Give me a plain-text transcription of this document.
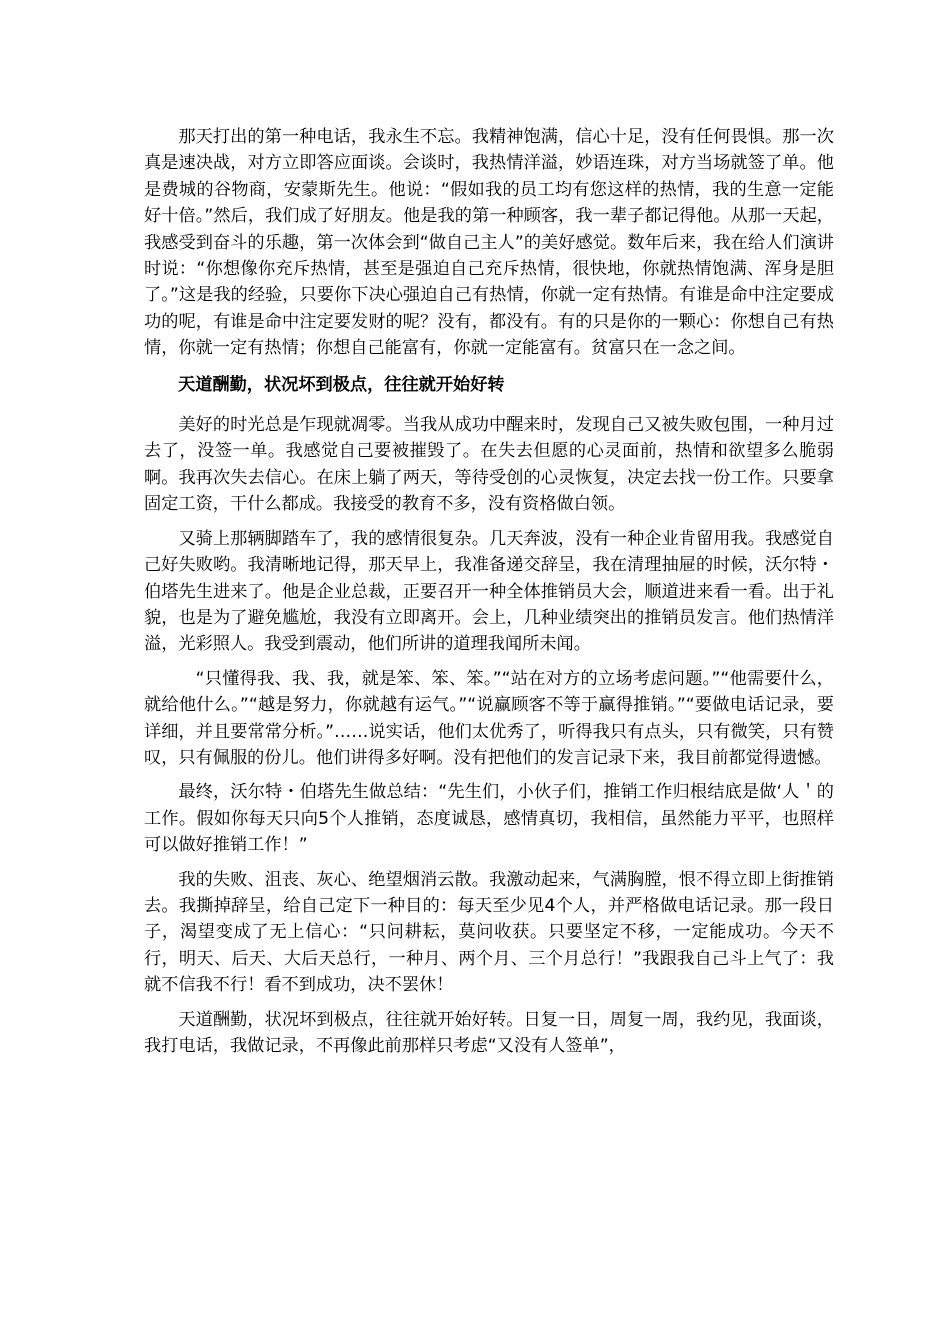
那天打出的第一种电话，我永生不忘。我精神饱满，信心十足，没有任何畏惧。那一次真是速决战，对方立即答应面谈。会谈时，我热情洋溢，妙语连珠，对方当场就签了单。他是费城的谷物商，安蒙斯先生。他说：“假如我的员工均有您这样的热情，我的生意一定能好十倍。”然后，我们成了好朋友。他是我的第一种顾客，我一辈子都记得他。从那一天起，我感受到奋斗的乐趣，第一次体会到“做自己主人”的美好感觉。数年后来，我在给人们演讲时说：“你想像你充斥热情，甚至是强迫自己充斥热情，很快地，你就热情饱满、浑身是胆了。”这是我的经验，只要你下决心强迫自己有热情，你就一定有热情。有谁是命中注定要成功的呢，有谁是命中注定要发财的呢？没有，都没有。有的只是你的一颗心：你想自己有热情，你就一定有热情；你想自己能富有，你就一定能富有。贫富只在一念之间。

天道酬勤，状况坏到极点，往往就开始好转

美好的时光总是乍现就凋零。当我从成功中醒来时，发现自己又被失败包围，一种月过去了，没签一单。我感觉自己要被摧毁了。在失去但愿的心灵面前，热情和欲望多么脆弱啊。我再次失去信心。在床上躺了两天，等待受创的心灵恢复，决定去找一份工作。只要拿固定工资，干什么都成。我接受的教育不多，没有资格做白领。

又骑上那辆脚踏车了，我的感情很复杂。几天奔波，没有一种企业肯留用我。我感觉自己好失败哟。我清晰地记得，那天早上，我准备递交辞呈，我在清理抽屉的时候，沃尔特・伯塔先生进来了。他是企业总裁，正要召开一种全体推销员大会，顺道进来看一看。出于礼貌，也是为了避免尴尬，我没有立即离开。会上，几种业绩突出的推销员发言。他们热情洋溢，光彩照人。我受到震动，他们所讲的道理我闻所未闻。

“只懂得我、我、我，就是笨、笨、笨。”“站在对方的立场考虑问题。”“他需要什么，就给他什么。”“越是努力，你就越有运气。”“说赢顾客不等于赢得推销。”“要做电话记录，要详细，并且要常常分析。”……说实话，他们太优秀了，听得我只有点头，只有微笑，只有赞叹，只有佩服的份儿。他们讲得多好啊。没有把他们的发言记录下来，我目前都觉得遗憾。

最终，沃尔特・伯塔先生做总结：“先生们，小伙子们，推销工作归根结底是做‘人＇的工作。假如你每天只向5个人推销，态度诚恳，感情真切，我相信，虽然能力平平，也照样可以做好推销工作！”

我的失败、沮丧、灰心、绝望烟消云散。我激动起来，气满胸膛，恨不得立即上街推销去。我撕掉辞呈，给自己定下一种目的：每天至少见4个人，并严格做电话记录。那一段日子，渴望变成了无上信心：“只问耕耘，莫问收获。只要坚定不移，一定能成功。今天不行，明天、后天、大后天总行，一种月、两个月、三个月总行！”我跟我自己斗上气了：我就不信我不行！看不到成功，决不罢休！

天道酬勤，状况坏到极点，往往就开始好转。日复一日，周复一周，我约见，我面谈，我打电话，我做记录，不再像此前那样只考虑“又没有人签单”，
